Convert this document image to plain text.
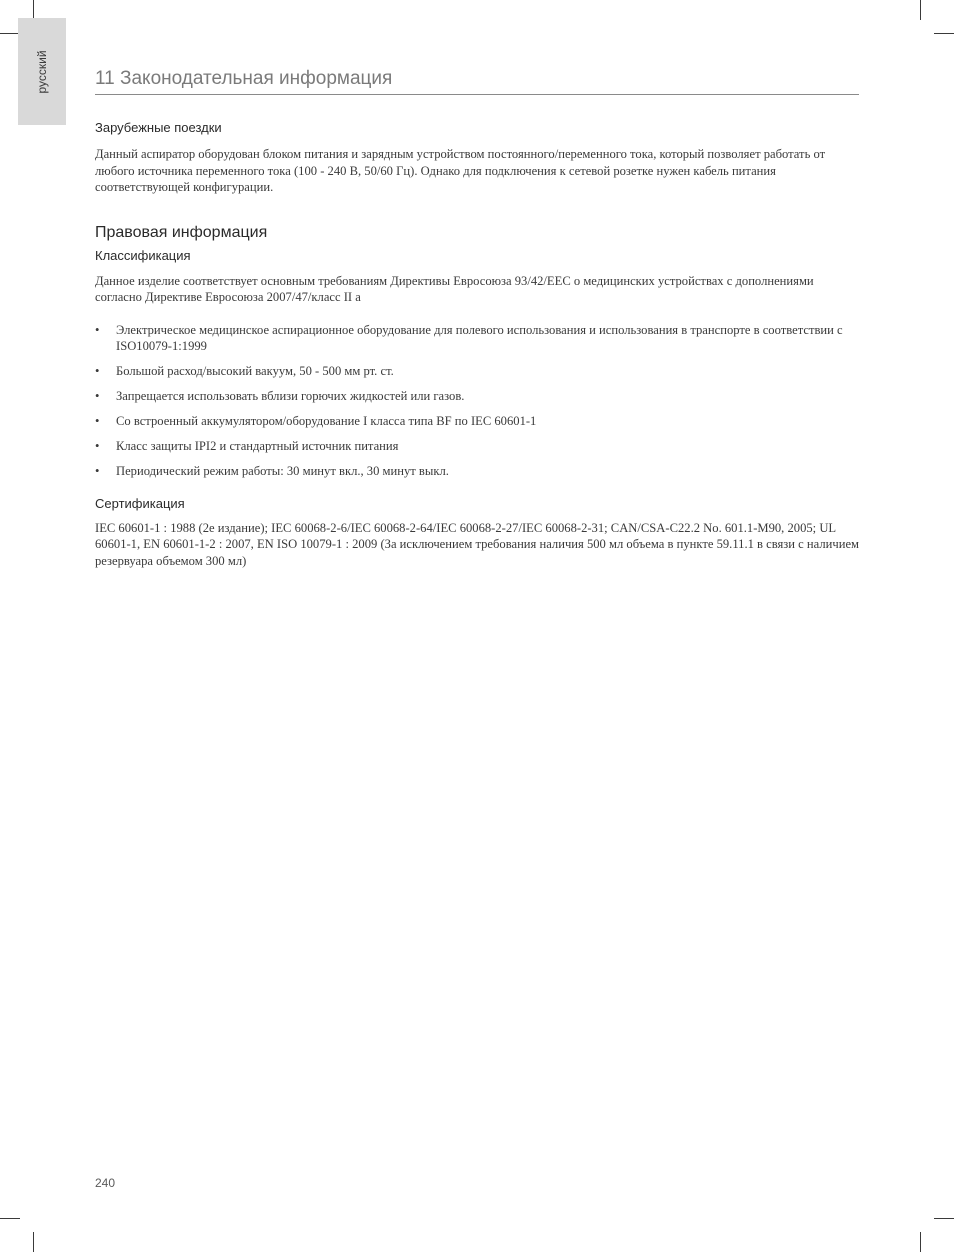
русский 11 Законодательная информация
Зарубежные поездки

Данный аспиратор оборудован блоком питания и зарядным устройством постоянного/переменного тока, который позволяет работать от любого источника переменного тока (100 - 240 В, 50/60 Гц). Однако для подключения к сетевой розетке нужен кабель питания соответствующей конфигурации.

Правовая информация
Классификация

Данное изделие соответствует основным требованиям Директивы Евросоюза 93/42/EEC о медицинских устройствах с дополнениями согласно Директиве Евросоюза 2007/47/класс II а

• Электрическое медицинское аспирационное оборудование для полевого использования и использования в транспорте в соответствии с ISO10079-1:1999
• Большой расход/высокий вакуум, 50 - 500 мм рт. ст.
• Запрещается использовать вблизи горючих жидкостей или газов.
• Со встроенный аккумулятором/оборудование I класса типа BF по IEC 60601-1
• Класс защиты IPI2 и стандартный источник питания
• Периодический режим работы: 30 минут вкл., 30 минут выкл.
Сертификация

IEC 60601-1 : 1988 (2е издание); IEC 60068-2-6/IEC 60068-2-64/IEC 60068-2-27/IEC 60068-2-31; CAN/CSA-C22.2 No. 601.1-M90, 2005; UL 60601-1, EN 60601-1-2 : 2007, EN ISO 10079-1 : 2009 (За исключением требования наличия 500 мл объема в пункте 59.11.1 в связи с наличием резервуара объемом 300 мл)

240
